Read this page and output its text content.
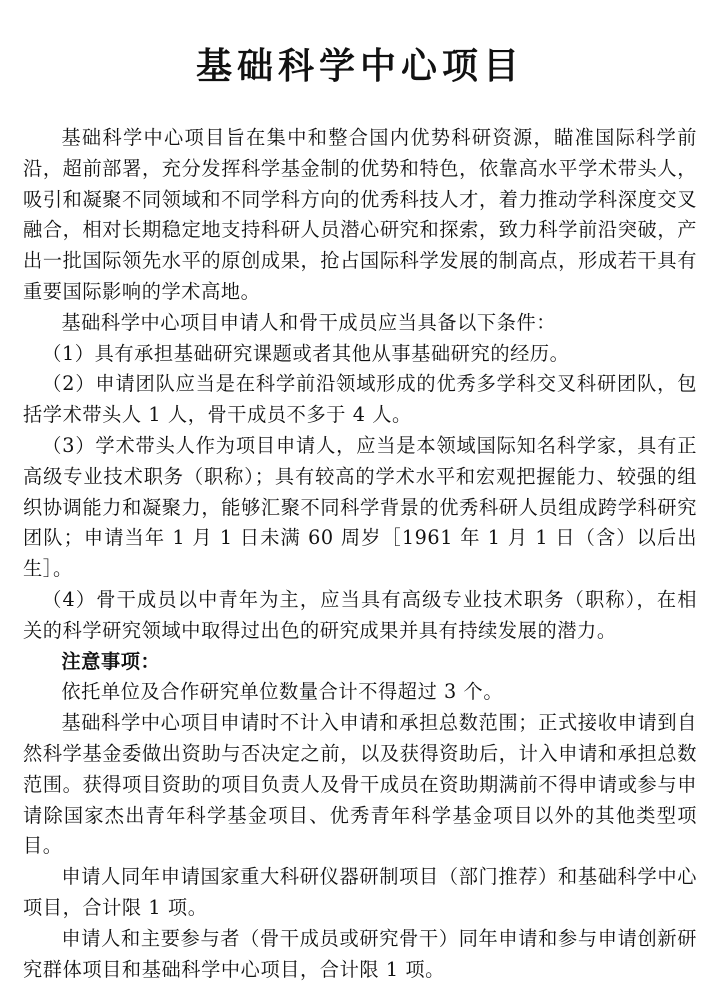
基础科学中心项目

基础科学中心项目旨在集中和整合国内优势科研资源，瞄准国际科学前沿，超前部署，充分发挥科学基金制的优势和特色，依靠高水平学术带头人，吸引和凝聚不同领域和不同学科方向的优秀科技人才，着力推动学科深度交叉融合，相对长期稳定地支持科研人员潜心研究和探索，致力科学前沿突破，产出一批国际领先水平的原创成果，抢占国际科学发展的制高点，形成若干具有重要国际影响的学术高地。

基础科学中心项目申请人和骨干成员应当具备以下条件：

（1）具有承担基础研究课题或者其他从事基础研究的经历。

（2）申请团队应当是在科学前沿领域形成的优秀多学科交叉科研团队，包括学术带头人 1 人，骨干成员不多于 4 人。

（3）学术带头人作为项目申请人，应当是本领域国际知名科学家，具有正高级专业技术职务（职称）；具有较高的学术水平和宏观把握能力、较强的组织协调能力和凝聚力，能够汇聚不同科学背景的优秀科研人员组成跨学科研究团队；申请当年 1 月 1 日未满 60 周岁［1961 年 1 月 1 日（含）以后出生］。

（4）骨干成员以中青年为主，应当具有高级专业技术职务（职称），在相关的科学研究领域中取得过出色的研究成果并具有持续发展的潜力。

注意事项：

依托单位及合作研究单位数量合计不得超过 3 个。

基础科学中心项目申请时不计入申请和承担总数范围；正式接收申请到自然科学基金委做出资助与否决定之前，以及获得资助后，计入申请和承担总数范围。获得项目资助的项目负责人及骨干成员在资助期满前不得申请或参与申请除国家杰出青年科学基金项目、优秀青年科学基金项目以外的其他类型项目。

申请人同年申请国家重大科研仪器研制项目（部门推荐）和基础科学中心项目，合计限 1 项。

申请人和主要参与者（骨干成员或研究骨干）同年申请和参与申请创新研究群体项目和基础科学中心项目，合计限 1 项。
